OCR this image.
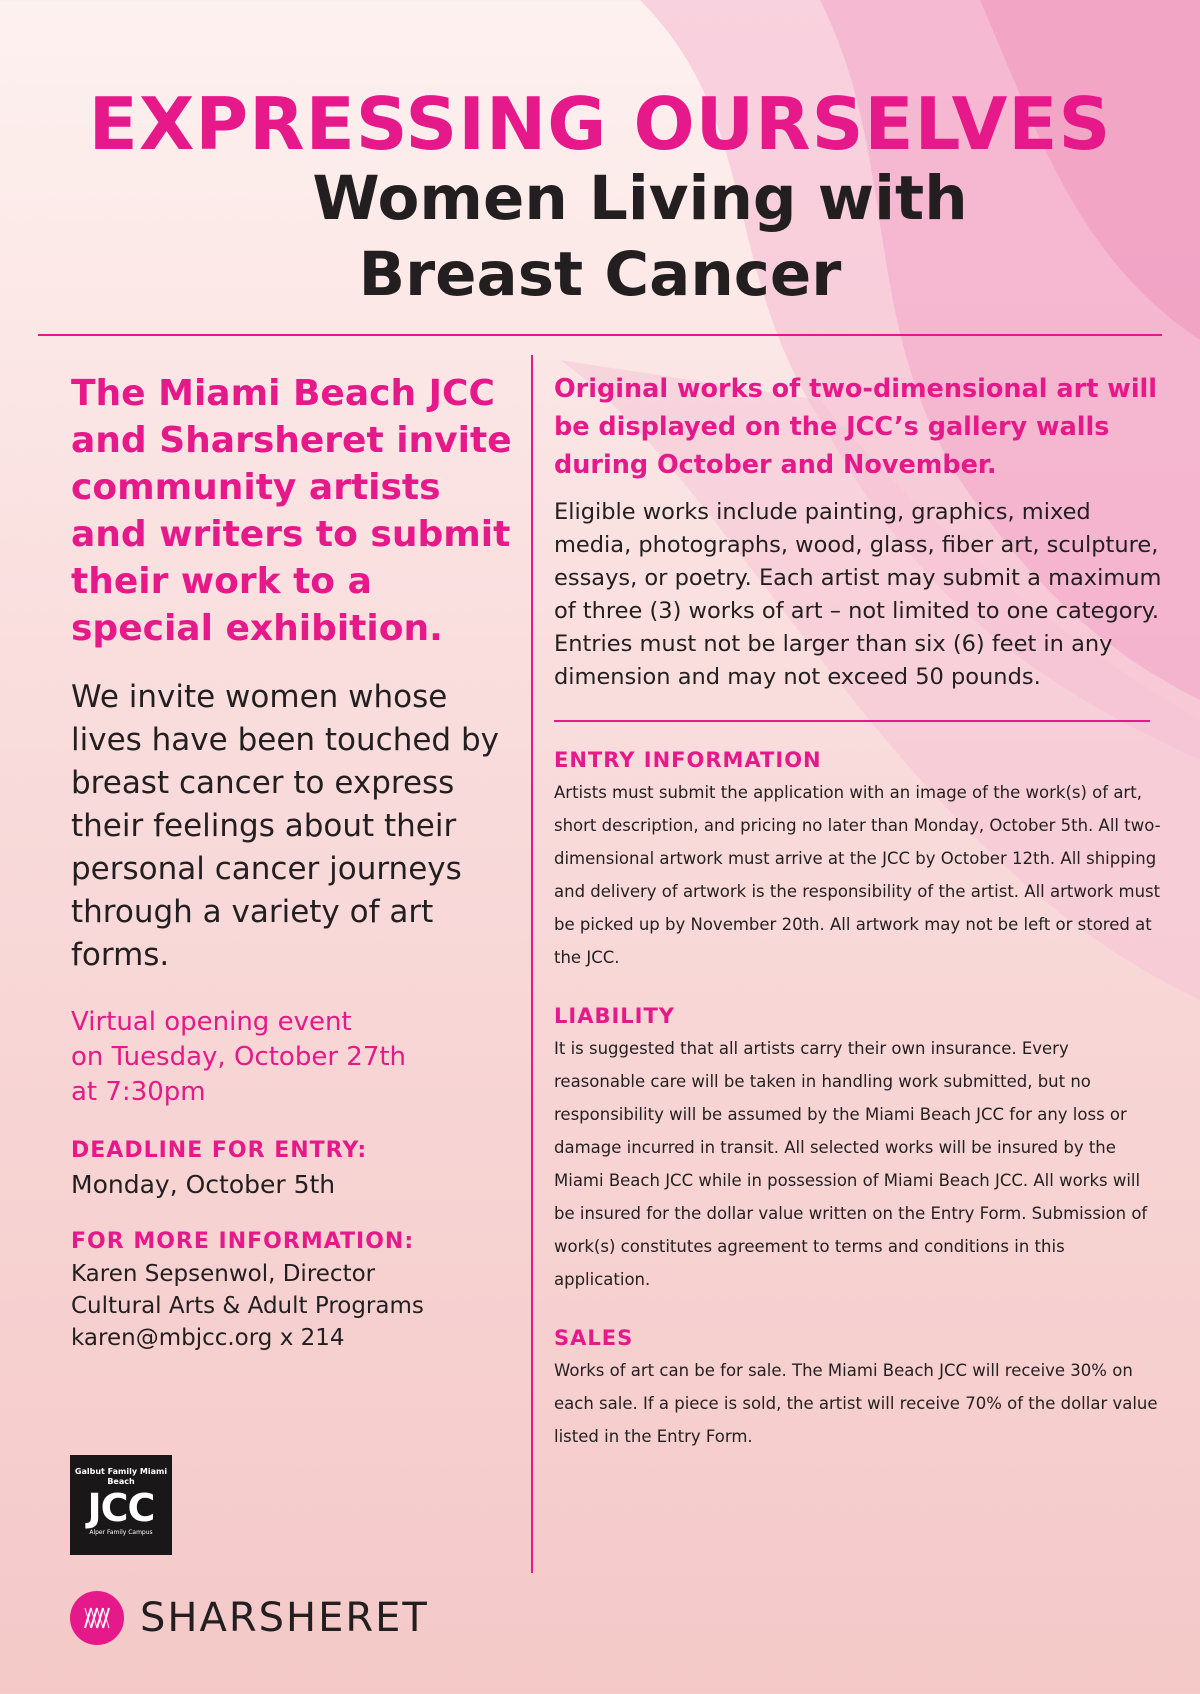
EXPRESSING OURSELVES
Women Living with
Breast Cancer

The Miami Beach JCC and Sharsheret invite community artists and writers to submit their work to a special exhibition.

We invite women whose lives have been touched by breast cancer to express their feelings about their personal cancer journeys through a variety of art forms.

Virtual opening event
on Tuesday, October 27th
at 7:30pm

DEADLINE FOR ENTRY:

Monday, October 5th

FOR MORE INFORMATION:

Karen Sepsenwol, Director
Cultural Arts & Adult Programs
karen@mbjcc.org x 214

Galbut Family Miami Beach
JCC
Alper Family Campus
SHARSHERET

Original works of two-dimensional art will be displayed on the JCC’s gallery walls during October and November.

Eligible works include painting, graphics, mixed media, photographs, wood, glass, fiber art, sculpture, essays, or poetry. Each artist may submit a maximum of three (3) works of art – not limited to one category. Entries must not be larger than six (6) feet in any dimension and may not exceed 50 pounds.

ENTRY INFORMATION

Artists must submit the application with an image of the work(s) of art, short description, and pricing no later than Monday, October 5th. All two-dimensional artwork must arrive at the JCC by October 12th. All shipping and delivery of artwork is the responsibility of the artist. All artwork must be picked up by November 20th. All artwork may not be left or stored at the JCC.

LIABILITY

It is suggested that all artists carry their own insurance. Every reasonable care will be taken in handling work submitted, but no responsibility will be assumed by the Miami Beach JCC for any loss or damage incurred in transit. All selected works will be insured by the Miami Beach JCC while in possession of Miami Beach JCC. All works will be insured for the dollar value written on the Entry Form. Submission of work(s) constitutes agreement to terms and conditions in this application.

SALES

Works of art can be for sale. The Miami Beach JCC will receive 30% on each sale. If a piece is sold, the artist will receive 70% of the dollar value listed in the Entry Form.
